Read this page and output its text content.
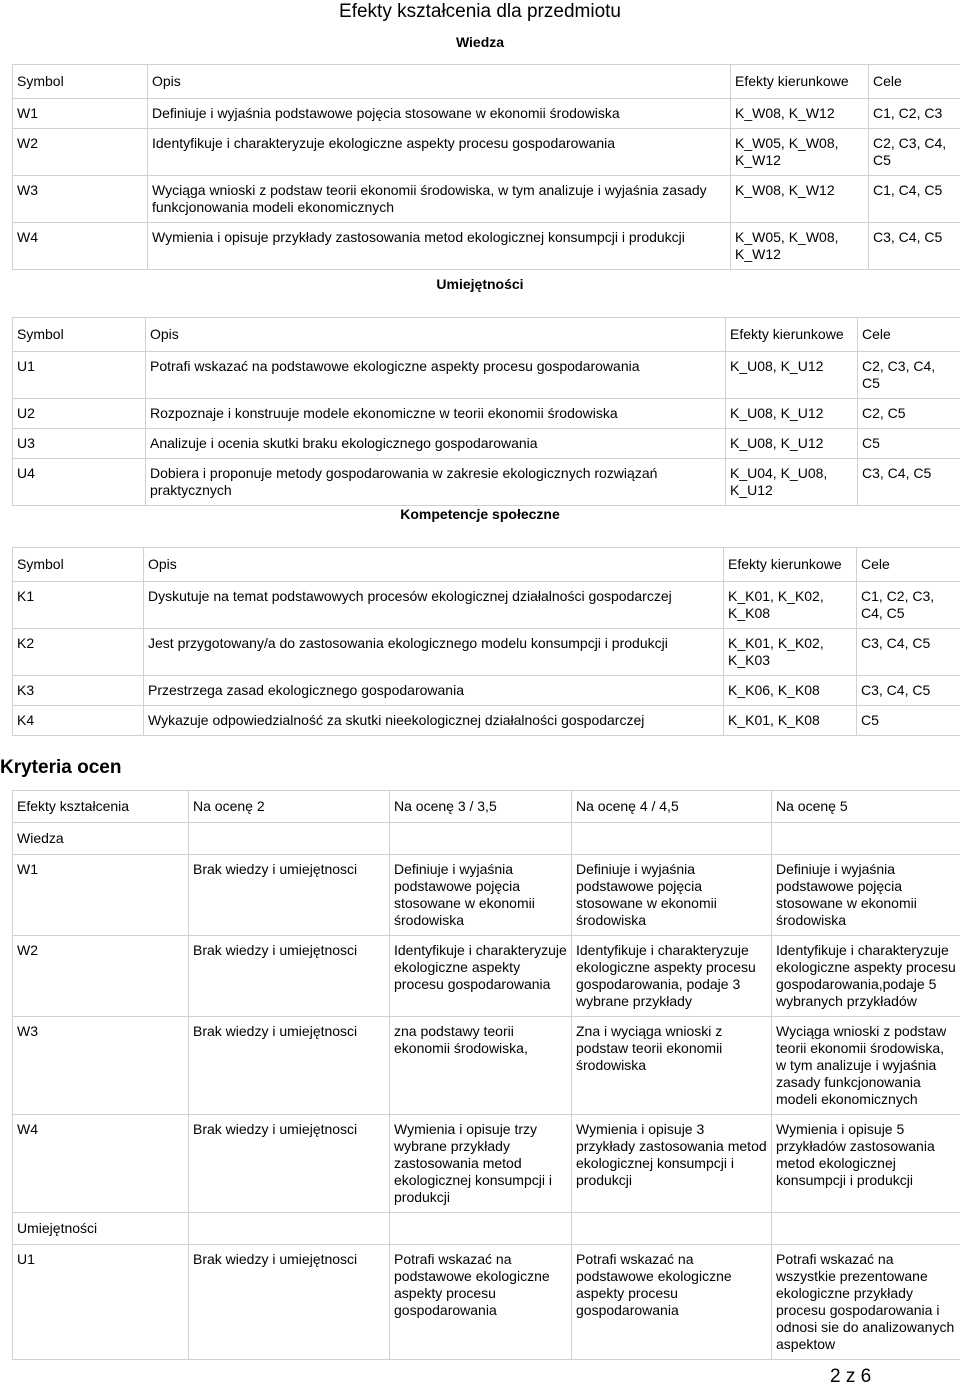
Efekty kształcenia dla przedmiotu
Wiedza
Symbol	Opis	Efekty kierunkowe	Cele
W1	Definiuje i wyjaśnia podstawowe pojęcia stosowane w ekonomii środowiska	K_W08, K_W12	C1, C2, C3
W2	Identyfikuje i charakteryzuje ekologiczne aspekty procesu gospodarowania	K_W05, K_W08, K_W12	C2, C3, C4, C5
W3	Wyciąga wnioski z podstaw teorii ekonomii środowiska, w tym analizuje i wyjaśnia zasady funkcjonowania modeli ekonomicznych	K_W08, K_W12	C1, C4, C5
W4	Wymienia i opisuje przykłady zastosowania metod ekologicznej konsumpcji i produkcji	K_W05, K_W08, K_W12	C3, C4, C5
Umiejętności
Symbol	Opis	Efekty kierunkowe	Cele
U1	Potrafi wskazać na podstawowe ekologiczne aspekty procesu gospodarowania	K_U08, K_U12	C2, C3, C4, C5
U2	Rozpoznaje i konstruuje modele ekonomiczne w teorii ekonomii środowiska	K_U08, K_U12	C2, C5
U3	Analizuje i ocenia skutki braku ekologicznego gospodarowania	K_U08, K_U12	C5
U4	Dobiera i proponuje metody gospodarowania w zakresie ekologicznych rozwiązań praktycznych	K_U04, K_U08, K_U12	C3, C4, C5
Kompetencje społeczne
Symbol	Opis	Efekty kierunkowe	Cele
K1	Dyskutuje na temat podstawowych procesów ekologicznej działalności gospodarczej	K_K01, K_K02, K_K08	C1, C2, C3, C4, C5
K2	Jest przygotowany/a do zastosowania ekologicznego modelu konsumpcji i produkcji	K_K01, K_K02, K_K03	C3, C4, C5
K3	Przestrzega zasad ekologicznego gospodarowania	K_K06, K_K08	C3, C4, C5
K4	Wykazuje odpowiedzialność za skutki nieekologicznej działalności gospodarczej	K_K01, K_K08	C5
Kryteria ocen
Efekty kształcenia	Na ocenę 2	Na ocenę 3 / 3,5	Na ocenę 4 / 4,5	Na ocenę 5
Wiedza				
W1	Brak wiedzy i umiejętnosci	Definiuje i wyjaśnia podstawowe pojęcia stosowane w ekonomii środowiska	Definiuje i wyjaśnia podstawowe pojęcia stosowane w ekonomii środowiska	Definiuje i wyjaśnia podstawowe pojęcia stosowane w ekonomii środowiska
W2	Brak wiedzy i umiejętnosci	Identyfikuje i charakteryzuje ekologiczne aspekty procesu gospodarowania	Identyfikuje i charakteryzuje ekologiczne aspekty procesu gospodarowania, podaje 3 wybrane przykłady	Identyfikuje i charakteryzuje ekologiczne aspekty procesu gospodarowania,podaje 5 wybranych przykładów
W3	Brak wiedzy i umiejętnosci	zna podstawy teorii ekonomii środowiska,	Zna i wyciąga wnioski z podstaw teorii ekonomii środowiska	Wyciąga wnioski z podstaw teorii ekonomii środowiska, w tym analizuje i wyjaśnia zasady funkcjonowania modeli ekonomicznych
W4	Brak wiedzy i umiejętnosci	Wymienia i opisuje trzy wybrane przykłady zastosowania metod ekologicznej konsumpcji i produkcji	Wymienia i opisuje 3 przykłady zastosowania metod ekologicznej konsumpcji i produkcji	Wymienia i opisuje 5 przykładów zastosowania metod ekologicznej konsumpcji i produkcji
Umiejętności				
U1	Brak wiedzy i umiejętnosci	Potrafi wskazać na podstawowe ekologiczne aspekty procesu gospodarowania	Potrafi wskazać na podstawowe ekologiczne aspekty procesu gospodarowania	Potrafi wskazać na wszystkie prezentowane ekologiczne przykłady procesu gospodarowania i odnosi sie do analizowanych aspektow
2 z 6
